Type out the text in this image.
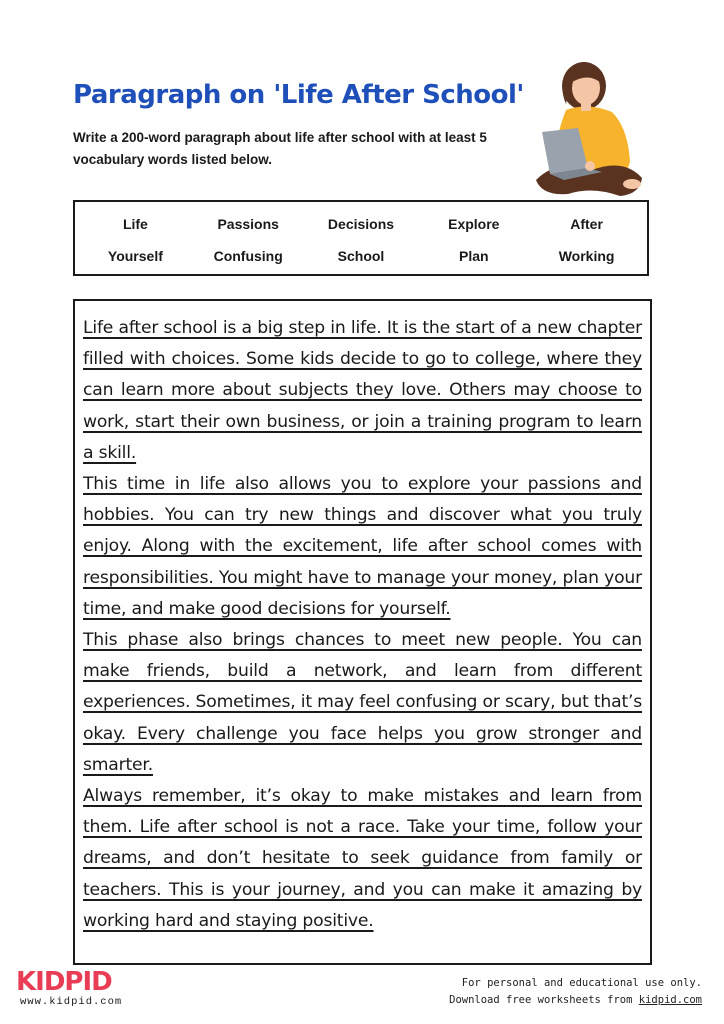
Paragraph on 'Life After School'

Write a 200-word paragraph about life after school with at least 5 vocabulary words listed below.

Life	Passions	Decisions	Explore	After
Yourself	Confusing	School	Plan	Working

Life after school is a big step in life. It is the start of a new chapter filled with choices. Some kids decide to go to college, where they can learn more about subjects they love. Others may choose to work, start their own business, or join a training program to learn a skill.

This time in life also allows you to explore your passions and hobbies. You can try new things and discover what you truly enjoy. Along with the excitement, life after school comes with responsibilities. You might have to manage your money, plan your time, and make good decisions for yourself.

This phase also brings chances to meet new people. You can make friends, build a network, and learn from different experiences. Sometimes, it may feel confusing or scary, but that’s okay. Every challenge you face helps you grow stronger and smarter.

Always remember, it’s okay to make mistakes and learn from them. Life after school is not a race. Take your time, follow your dreams, and don’t hesitate to seek guidance from family or teachers. This is your journey, and you can make it amazing by working hard and staying positive.

KIDPID
www.kidpid.com
For personal and educational use only.
Download free worksheets from kidpid.com
